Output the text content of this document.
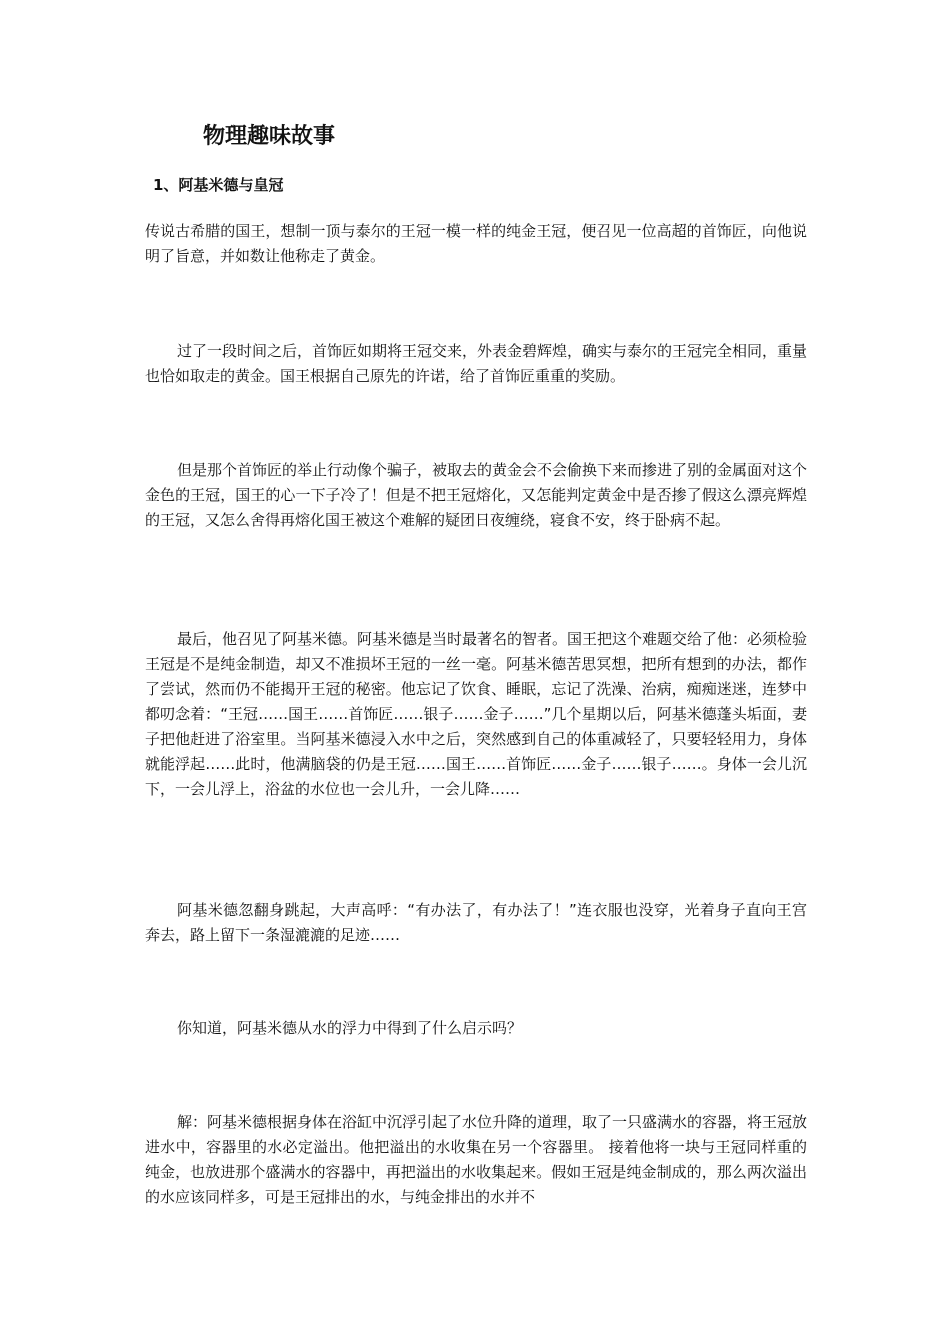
物理趣味故事
1、阿基米德与皇冠

传说古希腊的国王，想制一顶与泰尔的王冠一模一样的纯金王冠，便召见一位高超的首饰匠，向他说明了旨意，并如数让他称走了黄金。

过了一段时间之后，首饰匠如期将王冠交来，外表金碧辉煌，确实与泰尔的王冠完全相同，重量也恰如取走的黄金。国王根据自己原先的许诺，给了首饰匠重重的奖励。

但是那个首饰匠的举止行动像个骗子，被取去的黄金会不会偷换下来而掺进了别的金属面对这个金色的王冠，国王的心一下子冷了！但是不把王冠熔化，又怎能判定黄金中是否掺了假这么漂亮辉煌的王冠，又怎么舍得再熔化国王被这个难解的疑团日夜缠绕，寝食不安，终于卧病不起。

最后，他召见了阿基米德。阿基米德是当时最著名的智者。国王把这个难题交给了他：必须检验王冠是不是纯金制造，却又不准损坏王冠的一丝一毫。阿基米德苦思冥想，把所有想到的办法，都作了尝试，然而仍不能揭开王冠的秘密。他忘记了饮食、睡眠，忘记了洗澡、治病，痴痴迷迷，连梦中都叨念着：“王冠……国王……首饰匠……银子……金子……”几个星期以后，阿基米德蓬头垢面，妻子把他赶进了浴室里。当阿基米德浸入水中之后，突然感到自己的体重减轻了，只要轻轻用力，身体就能浮起……此时，他满脑袋的仍是王冠……国王……首饰匠……金子……银子……。身体一会儿沉下，一会儿浮上，浴盆的水位也一会儿升，一会儿降……

阿基米德忽翻身跳起，大声高呼：“有办法了，有办法了！”连衣服也没穿，光着身子直向王宫奔去，路上留下一条湿漉漉的足迹……

你知道，阿基米德从水的浮力中得到了什么启示吗？

解：阿基米德根据身体在浴缸中沉浮引起了水位升降的道理，取了一只盛满水的容器，将王冠放进水中，容器里的水必定溢出。他把溢出的水收集在另一个容器里。 接着他将一块与王冠同样重的纯金，也放进那个盛满水的容器中，再把溢出的水收集起来。假如王冠是纯金制成的，那么两次溢出的水应该同样多，可是王冠排出的水，与纯金排出的水并不
